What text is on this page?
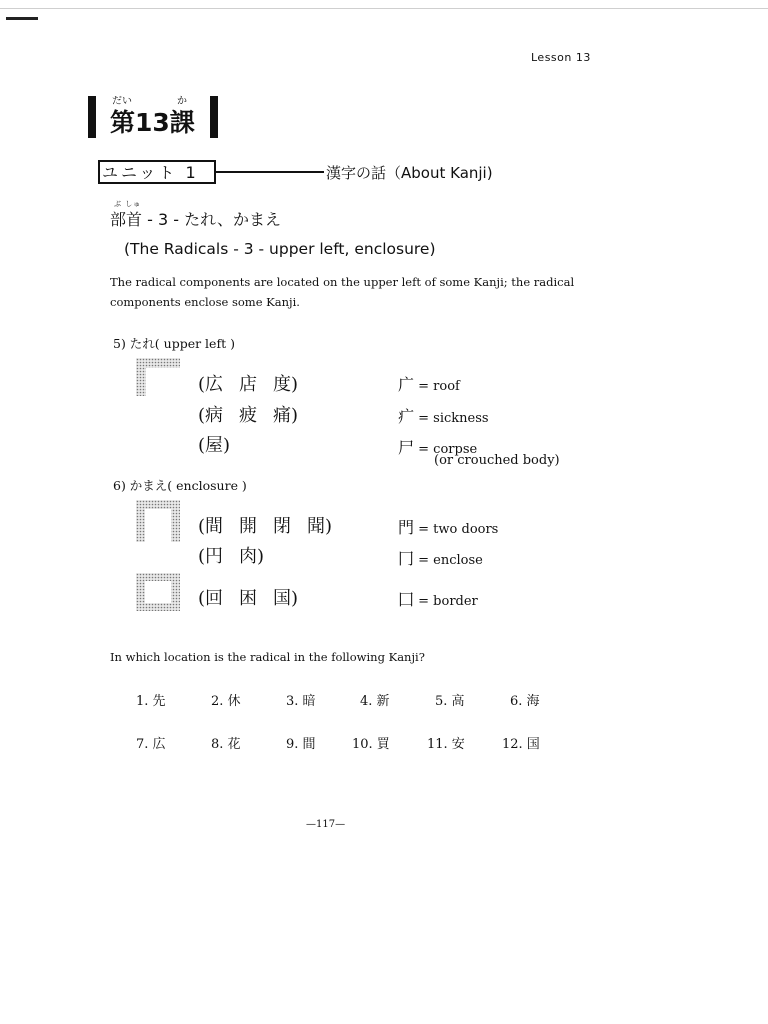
Lesson 13
だい	か
第13課
ユニット 1	漢字の話（About Kanji)
ぶ しゅ
部首 - 3 - たれ、かまえ
(The Radicals - 3 - upper left, enclosure)
The radical components are located on the upper left of some Kanji; the radical components enclose some Kanji.
5) たれ( upper left )
(広 店 度)	广 = roof
(病 疲 痛)	疒 = sickness
(屋)	尸 = corpse
(or crouched body)
6) かまえ( enclosure )
(間 開 閉 聞)	門 = two doors
(円 肉)	冂 = enclose
(回 困 国)	囗 = border
In which location is the radical in the following Kanji?
1. 先	2. 休	3. 暗	4. 新	5. 高	6. 海
7. 広	8. 花	9. 間	10. 買	11. 安	12. 国
—117—
